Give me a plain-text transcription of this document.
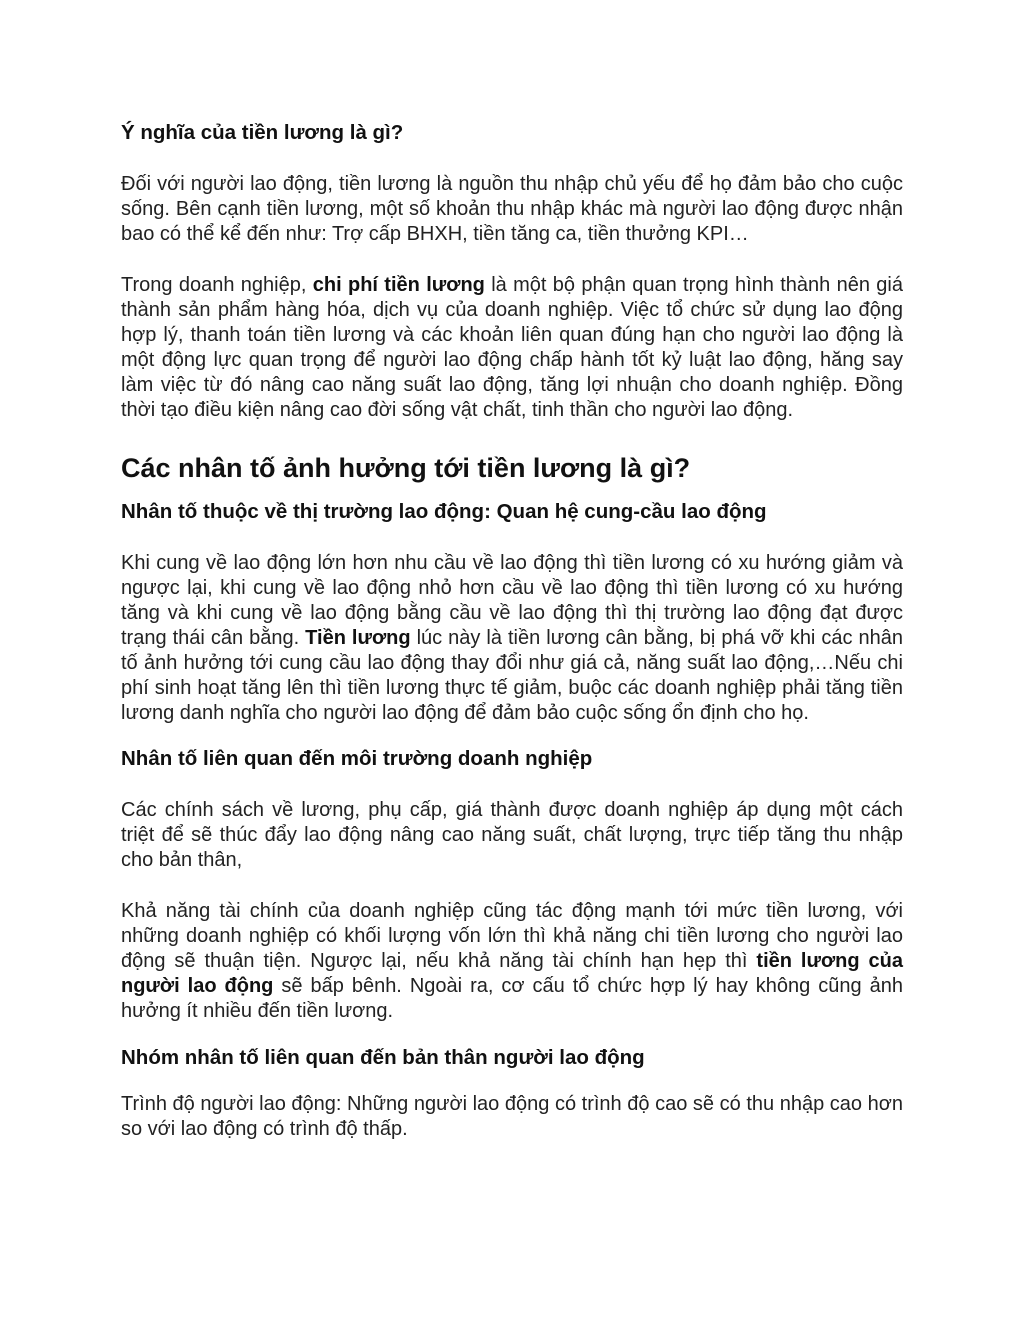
Ý nghĩa của tiền lương là gì?

Đối với người lao động, tiền lương là nguồn thu nhập chủ yếu để họ đảm bảo cho cuộc sống. Bên cạnh tiền lương, một số khoản thu nhập khác mà người lao động được nhận bao có thể kể đến như: Trợ cấp BHXH, tiền tăng ca, tiền thưởng KPI…

Trong doanh nghiệp, chi phí tiền lương là một bộ phận quan trọng hình thành nên giá thành sản phẩm hàng hóa, dịch vụ của doanh nghiệp. Việc tổ chức sử dụng lao động hợp lý, thanh toán tiền lương và các khoản liên quan đúng hạn cho người lao động là một động lực quan trọng để người lao động chấp hành tốt kỷ luật lao động, hăng say làm việc từ đó nâng cao năng suất lao động, tăng lợi nhuận cho doanh nghiệp. Đồng thời tạo điều kiện nâng cao đời sống vật chất, tinh thần cho người lao động.

Các nhân tố ảnh hưởng tới tiền lương là gì?
Nhân tố thuộc về thị trường lao động: Quan hệ cung-cầu lao động

Khi cung về lao động lớn hơn nhu cầu về lao động thì tiền lương có xu hướng giảm và ngược lại, khi cung về lao động nhỏ hơn cầu về lao động thì tiền lương có xu hướng tăng và khi cung về lao động bằng cầu về lao động thì thị trường lao động đạt được trạng thái cân bằng. Tiền lương lúc này là tiền lương cân bằng, bị phá vỡ khi các nhân tố ảnh hưởng tới cung cầu lao động thay đổi như giá cả, năng suất lao động,…Nếu chi phí sinh hoạt tăng lên thì tiền lương thực tế giảm, buộc các doanh nghiệp phải tăng tiền lương danh nghĩa cho người lao động để đảm bảo cuộc sống ổn định cho họ.

Nhân tố liên quan đến môi trường doanh nghiệp

Các chính sách về lương, phụ cấp, giá thành được doanh nghiệp áp dụng một cách triệt để sẽ thúc đẩy lao động nâng cao năng suất, chất lượng, trực tiếp tăng thu nhập cho bản thân,

Khả năng tài chính của doanh nghiệp cũng tác động mạnh tới mức tiền lương, với những doanh nghiệp có khối lượng vốn lớn thì khả năng chi tiền lương cho người lao động sẽ thuận tiện. Ngược lại, nếu khả năng tài chính hạn hẹp thì tiền lương của người lao động sẽ bấp bênh. Ngoài ra, cơ cấu tổ chức hợp lý hay không cũng ảnh hưởng ít nhiều đến tiền lương.

Nhóm nhân tố liên quan đến bản thân người lao động

Trình độ người lao động: Những người lao động có trình độ cao sẽ có thu nhập cao hơn so với lao động có trình độ thấp.
